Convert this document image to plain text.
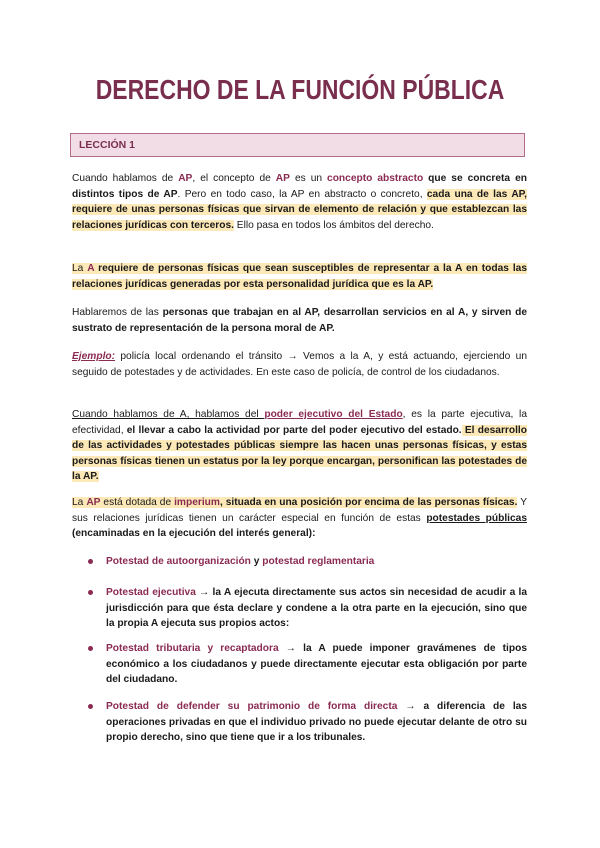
DERECHO DE LA FUNCIÓN PÚBLICA
LECCIÓN 1

Cuando hablamos de AP, el concepto de AP es un concepto abstracto que se concreta en distintos tipos de AP. Pero en todo caso, la AP en abstracto o concreto, cada una de las AP, requiere de unas personas físicas que sirvan de elemento de relación y que establezcan las relaciones jurídicas con terceros. Ello pasa en todos los ámbitos del derecho.

La A requiere de personas físicas que sean susceptibles de representar a la A en todas las relaciones jurídicas generadas por esta personalidad jurídica que es la AP.

Hablaremos de las personas que trabajan en al AP, desarrollan servicios en al A, y sirven de sustrato de representación de la persona moral de AP.

Ejemplo: policía local ordenando el tránsito → Vemos a la A, y está actuando, ejerciendo un seguido de potestades y de actividades. En este caso de policía, de control de los ciudadanos.

Cuando hablamos de A, hablamos del poder ejecutivo del Estado, es la parte ejecutiva, la efectividad, el llevar a cabo la actividad por parte del poder ejecutivo del estado. El desarrollo de las actividades y potestades públicas siempre las hacen unas personas físicas, y estas personas físicas tienen un estatus por la ley porque encargan, personifican las potestades de la AP.

La AP está dotada de imperium, situada en una posición por encima de las personas físicas. Y sus relaciones jurídicas tienen un carácter especial en función de estas potestades públicas (encaminadas en la ejecución del interés general):

Potestad de autoorganización y potestad reglamentaria
Potestad ejecutiva → la A ejecuta directamente sus actos sin necesidad de acudir a la jurisdicción para que ésta declare y condene a la otra parte en la ejecución, sino que la propia A ejecuta sus propios actos:
Potestad tributaria y recaptadora → la A puede imponer gravámenes de tipos económico a los ciudadanos y puede directamente ejecutar esta obligación por parte del ciudadano.
Potestad de defender su patrimonio de forma directa → a diferencia de las operaciones privadas en que el individuo privado no puede ejecutar delante de otro su propio derecho, sino que tiene que ir a los tribunales.
